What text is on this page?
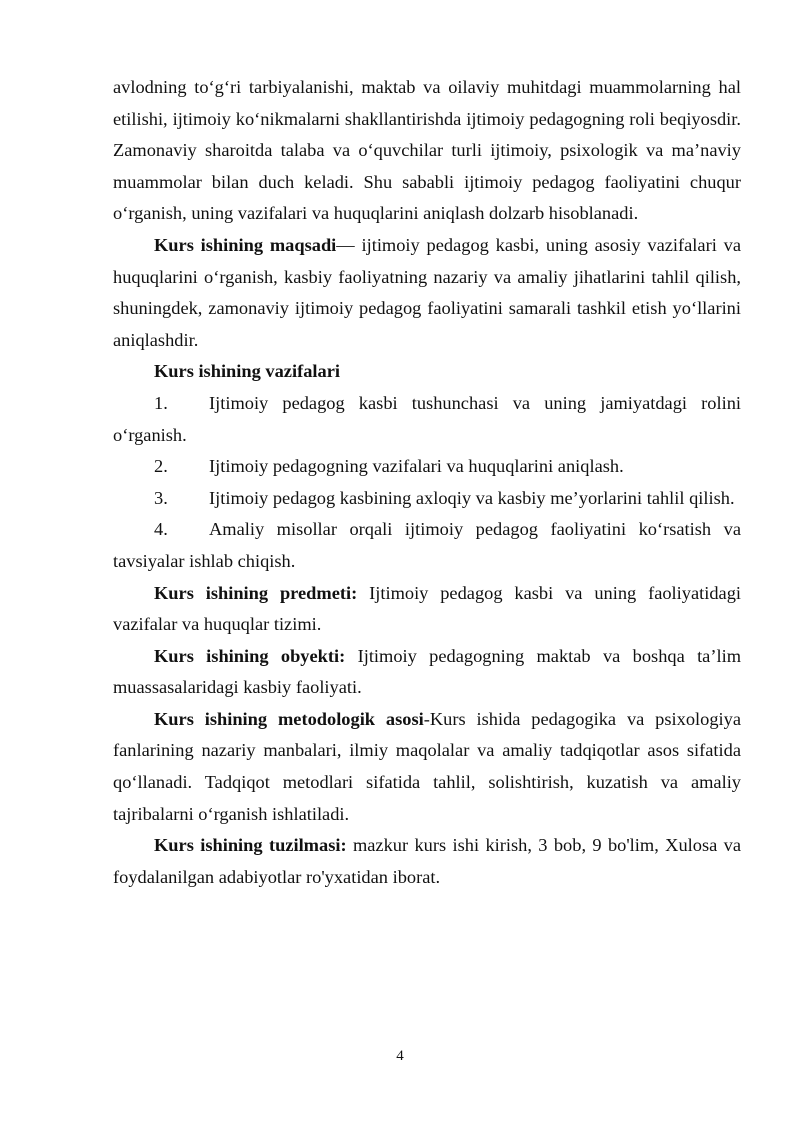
avlodning to‘g‘ri tarbiyalanishi, maktab va oilaviy muhitdagi muammolarning hal etilishi, ijtimoiy ko‘nikmalarni shakllantirishda ijtimoiy pedagogning roli beqiyosdir. Zamonaviy sharoitda talaba va o‘quvchilar turli ijtimoiy, psixologik va ma’naviy muammolar bilan duch keladi. Shu sababli ijtimoiy pedagog faoliyatini chuqur o‘rganish, uning vazifalari va huquqlarini aniqlash dolzarb hisoblanadi.

Kurs ishining maqsadi— ijtimoiy pedagog kasbi, uning asosiy vazifalari va huquqlarini o‘rganish, kasbiy faoliyatning nazariy va amaliy jihatlarini tahlil qilish, shuningdek, zamonaviy ijtimoiy pedagog faoliyatini samarali tashkil etish yo‘llarini aniqlashdir.

Kurs ishining vazifalari

1. Ijtimoiy pedagog kasbi tushunchasi va uning jamiyatdagi rolini o‘rganish.

2. Ijtimoiy pedagogning vazifalari va huquqlarini aniqlash.

3. Ijtimoiy pedagog kasbining axloqiy va kasbiy me’yorlarini tahlil qilish.

4. Amaliy misollar orqali ijtimoiy pedagog faoliyatini ko‘rsatish va tavsiyalar ishlab chiqish.

Kurs ishining predmeti: Ijtimoiy pedagog kasbi va uning faoliyatidagi vazifalar va huquqlar tizimi.

Kurs ishining obyekti: Ijtimoiy pedagogning maktab va boshqa ta’lim muassasalaridagi kasbiy faoliyati.

Kurs ishining metodologik asosi-Kurs ishida pedagogika va psixologiya fanlarining nazariy manbalari, ilmiy maqolalar va amaliy tadqiqotlar asos sifatida qo‘llanadi. Tadqiqot metodlari sifatida tahlil, solishtirish, kuzatish va amaliy tajribalarni o‘rganish ishlatiladi.

Kurs ishining tuzilmasi: mazkur kurs ishi kirish, 3 bob, 9 bo'lim, Xulosa va foydalanilgan adabiyotlar ro'yxatidan iborat.

4
